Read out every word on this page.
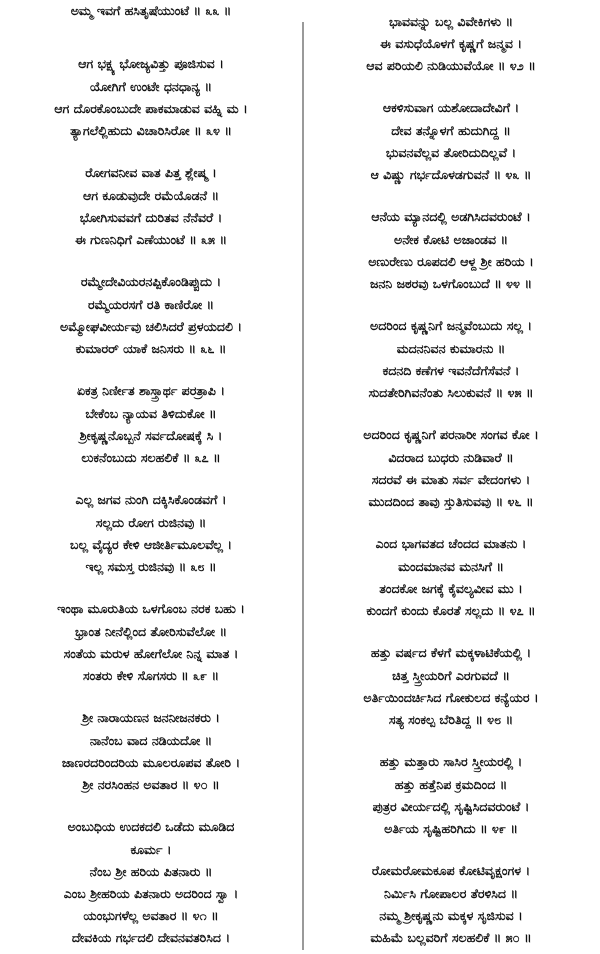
ಅಮ್ಮ ಇವಗೆ ಹಸಿತೃಷೆಯುಂಟೆ ॥ ೩೩ ॥
ಆಗ ಭಕ್ಷ್ಯ ಭೋಜ್ಯವಿತ್ತು ಪೂಜಿಸುವ ।
ಯೋಗಿಗೆ ಉಂಟೇ ಧನಧಾನ್ಯ ॥
ಆಗ ದೊರಕೊಂಬುದೇ ಪಾಕಮಾಡುವ ವಹ್ನಿ ಮ ।
ತ್ಯಾಗಲೆಲ್ಲಿಹುದು ವಿಚಾರಿಸಿರೋ ॥ ೩೪ ॥
ರೋಗವನೀವ ವಾತ ಪಿತ್ತ ಶ್ಲೇಷ್ಮ ।
ಆಗ ಕೂಡುವುದೇ ರಮೆಯೊಡನೆ ॥
ಭೋಗಿಸುವವಗೆ ದುರಿತವ ನೆನೆವರೆ ।
ಈ ಗುಣನಿಧಿಗೆ ಎಣೆಯುಂಟೆ ॥ ೩೫ ॥
ರಮ್ಮೇದೇವಿಯರನಪ್ಪಿಕೊಂಡಿಪ್ಪುದು ।
ರಮ್ಮೆಯರಸಗೆ ರತಿ ಕಾಣಿರೋ ॥
ಅಮ್ಮೋಘವೀರ್ಯವು ಚಲಿಸಿದರೆ ಪ್ರಳಯದಲಿ ।
ಕುಮಾರರ್ ಯಾಕೆ ಜನಿಸರು ॥ ೩೬ ॥
ಏಕತ್ರ ನಿರ್ಣೀತ ಶಾಸ್ತ್ರಾರ್ಥ ಪರತ್ರಾಪಿ ।
ಬೇಕೆಂಬ ನ್ಯಾಯವ ತಿಳಿದುಕೋ ॥
ಶ್ರೀಕೃಷ್ಣನೊಬ್ಬನೆ ಸರ್ವದೋಷಕ್ಕೆ ಸಿ ।
ಲುಕನೆಂಬುದು ಸಲಹಲಿಕೆ ॥ ೩೭ ॥
ಎಲ್ಲ ಜಗವ ನುಂಗಿ ದಕ್ಕಿಸಿಕೊಂಡವಗೆ ।
ಸಲ್ಲದು ರೋಗ ರುಜಿನವು ॥
ಬಲ್ಲ ವೈದ್ಯರ ಕೇಳಿ ಆಜೀರ್ತಿಮೂಲವೆಲ್ಲ ।
ಇಲ್ಲ ಸಮಸ್ತ ರುಜಿನವು ॥ ೩೮ ॥
ಇಂಥಾ ಮೂರುತಿಯ ಒಳಗೊಂಬ ನರಕ ಬಹು ।
ಭ್ರಾಂತ ನೀನೆಲ್ಲಿಂದ ತೋರಿಸುವೆಲೋ ॥
ಸಂತೆಯ ಮರುಳ ಹೋಗೆಲೋ ನಿನ್ನ ಮಾತ ।
ಸಂತರು ಕೇಳಿ ಸೊಗಸರು ॥ ೩೯ ॥
ಶ್ರೀ ನಾರಾಯಣನ ಜನನೀಜನಕರು ।
ನಾನೆಂಬ ವಾದ ನಡಿಯದೋ ॥
ಜಾಣರದರಿಂದರಿಯ ಮೂಲರೂಪವ ತೋರಿ ।
ಶ್ರೀ ನರಸಿಂಹನ ಅವತಾರ ॥ ೪೦ ॥
ಅಂಬುಧಿಯ ಉದಕದಲಿ ಒಡೆದು ಮೂಡಿದ
ಕೂರ್ಮ ।
ನೆಂಬ ಶ್ರೀ ಹರಿಯ ಪಿತನಾರು ॥
ಎಂಬ ಶ್ರೀಹರಿಯ ಪಿತನಾರು ಅದರಿಂದ ಸ್ವಾ ।
ಯಂಭುಗಳೆಲ್ಲ ಅವತಾರ ॥ ೪೧ ॥
ದೇವಕಿಯ ಗರ್ಭದಲಿ ದೇವನವತರಿಸಿದ ।
ಭಾವವನ್ನು ಬಲ್ಲ ವಿವೇಕಿಗಳು ॥
ಈ ವಸುಧೆಯೊಳಗೆ ಕೃಷ್ಣಗೆ ಜನ್ಮವ ।
ಆವ ಪರಿಯಲಿ ನುಡಿಯುವೆಯೋ ॥ ೪೨ ॥
ಆಕಳಿಸುವಾಗ ಯಶೋದಾದೇವಿಗೆ ।
ದೇವ ತನ್ನೊಳಗೆ ಹುದುಗಿದ್ದ ॥
ಭುವನವೆಲ್ಲವ ತೋರಿದುದಿಲ್ಲವೆ ।
ಆ ವಿಷ್ಣು ಗರ್ಭದೊಳಡಗುವನೆ ॥ ೪೩ ॥
ಆನೆಯ ಮ್ಯಾನದಲ್ಲಿ ಅಡಗಿಸಿದವರುಂಟೆ ।
ಅನೇಕ ಕೋಟಿ ಅಜಾಂಡವ ॥
ಅಣುರೇಣು ರೂಪದಲಿ ಆಳ್ದ ಶ್ರೀ ಹರಿಯ ।
ಜನನಿ ಜಠರವು ಒಳಗೊಂಬುದೆ ॥ ೪೪ ॥
ಅದರಿಂದ ಕೃಷ್ಣನಿಗೆ ಜನ್ಮವೆಂಬುದು ಸಲ್ಲ ।
ಮದನನಿವನ ಕುಮಾರನು ॥
ಕದನದಿ ಕಣೆಗಳ ಇವನೆದೆಗೆಸೆವನೆ ।
ಸುದತೇರಿಗಿವನೆಂತು ಸಿಲುಕುವನೆ ॥ ೪೫ ॥
ಅದರಿಂದ ಕೃಷ್ಣನಿಗೆ ಪರನಾರೀ ಸಂಗವ ಕೋ ।
ವಿದರಾದ ಬುಧರು ನುಡಿವಾರೆ ॥
ಸದರವೆ ಈ ಮಾತು ಸರ್ವ ವೇದಂಗಳು ।
ಮುದದಿಂದ ತಾವು ಸ್ತುತಿಸುವವು ॥ ೪೬ ॥
ಎಂದ ಭಾಗವತದ ಚೆಂದದ ಮಾತನು ।
ಮಂದಮಾನವ ಮನಸಿಗೆ ॥
ತಂದಕೋ ಜಗಕ್ಕೆ ಕೈವಲ್ಯವೀವ ಮು ।
ಕುಂದಗೆ ಕುಂದು ಕೊರತೆ ಸಲ್ಲದು ॥ ೪೭ ॥
ಹತ್ತು ವರ್ಷದ ಕೆಳಗೆ ಮಕ್ಕಳಾಟಿಕೆಯಲ್ಲಿ ।
ಚಿತ್ತ ಸ್ತ್ರೀಯರಿಗೆ ಎರಗುವದೆ ॥
ಅರ್ತಿಯಿಂದರ್ಚಿಸಿದ ಗೋಕುಲದ ಕನ್ಯೆಯರ ।
ಸತ್ಯ ಸಂಕಲ್ಪ ಬೆರಿತಿದ್ದ ॥ ೪೮ ॥
ಹತ್ತು ಮತ್ತಾರು ಸಾಸಿರ ಸ್ತ್ರೀಯರಲ್ಲಿ ।
ಹತ್ತು ಹತ್ತೆನಿಪ ಕ್ರಮದಿಂದ ॥
ಪುತ್ರರ ವೀರ್ಯದಲ್ಲಿ ಸೃಷ್ಟಿಸಿದವರುಂಟೆ ।
ಅರ್ತಿಯ ಸೃಷ್ಟಿಹರಿಗಿದು ॥ ೪೯ ॥
ರೋಮರೋಮಕೂಪ ಕೋಟಿವೃಕ್ಷಂಗಳ ।
ನಿರ್ಮಿಸಿ ಗೋಪಾಲರ ತೆರಳಿಸಿದ ॥
ನಮ್ಮ ಶ್ರೀಕೃಷ್ಣನು ಮಕ್ಕಳ ಸೃಜಿಸುವ ।
ಮಹಿಮೆ ಬಲ್ಲವರಿಗೆ ಸಲಹಲಿಕೆ ॥ ೫೦ ॥
